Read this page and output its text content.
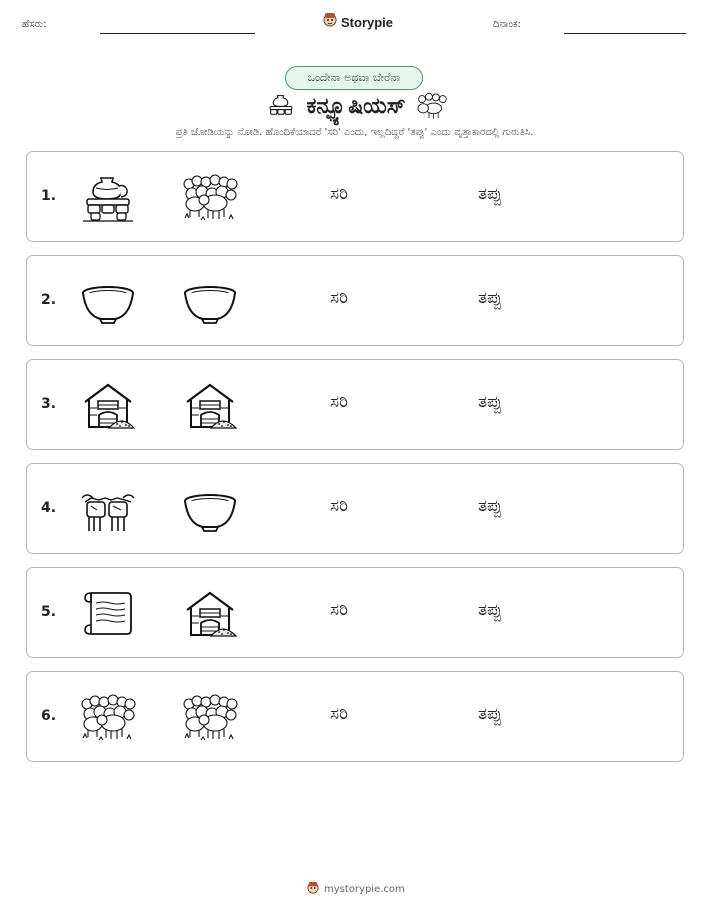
ಹೆಸರು:	Storypie	ದಿನಾಂಕ:
ಒಂದೇನಾ ಅಥವಾ ಬೇರೆನಾ
ಕನ್ಫ್ಯೂಷಿಯಸ್
ಪ್ರತಿ ಜೋಡಿಯನ್ನು ನೋಡಿ. ಹೊಂದಿಕೆಯಾದರೆ 'ಸರಿ' ಎಂದು, ಇಲ್ಲದಿದ್ದರೆ 'ತಪ್ಪು' ಎಂದು ವೃತ್ತಾಕಾರದಲ್ಲಿ ಗುರುತಿಸಿ.
1.	ಸರಿ	ತಪ್ಪು
2.	ಸರಿ	ತಪ್ಪು
3.	ಸರಿ	ತಪ್ಪು
4.	ಸರಿ	ತಪ್ಪು
5.	ಸರಿ	ತಪ್ಪು
6.	ಸರಿ	ತಪ್ಪು
mystorypie.com
